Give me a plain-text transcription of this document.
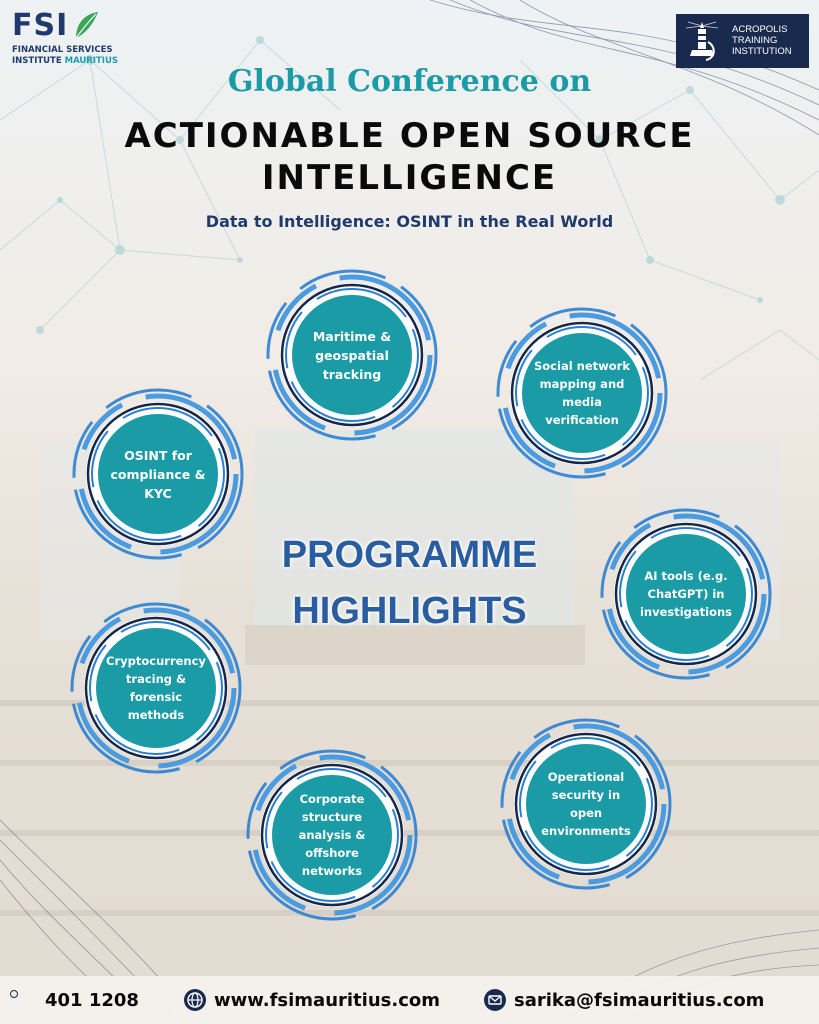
FSI
FINANCIAL SERVICES
INSTITUTE MAURITIUS
ACROPOLIS
TRAINING
INSTITUTION
Global Conference on
ACTIONABLE OPEN SOURCE
INTELLIGENCE
Data to Intelligence: OSINT in the Real World
PROGRAMME
HIGHLIGHTS
Maritime & geospatial tracking
Social network mapping and media verification
OSINT for compliance & KYC
AI tools (e.g. ChatGPT) in investigations
Cryptocurrency tracing & forensic methods
Operational security in open environments
Corporate structure analysis & offshore networks
401 1208	www.fsimauritius.com	sarika@fsimauritius.com
